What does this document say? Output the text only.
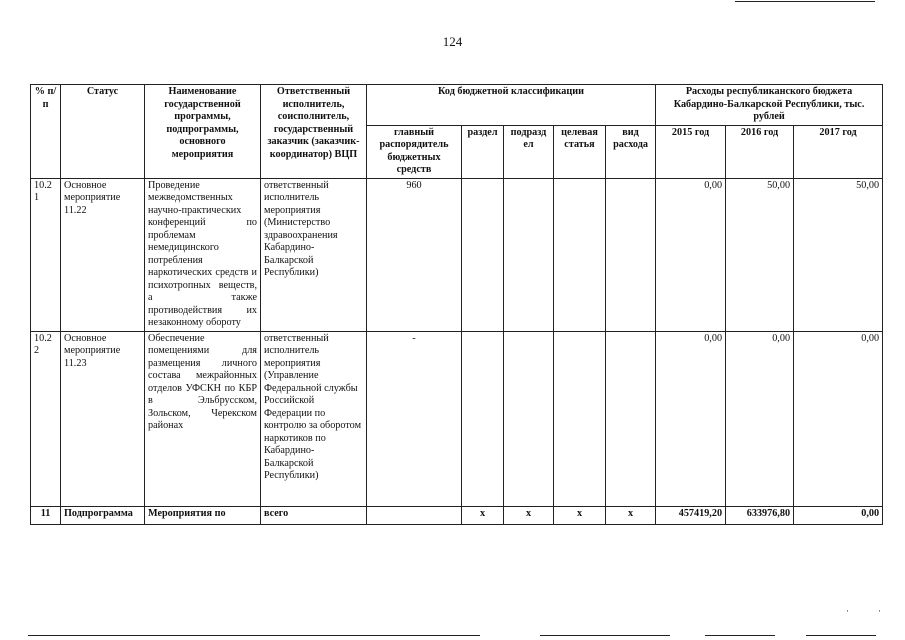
124
% п/п	Статус	Наименование государственной программы, подпрограммы, основного мероприятия	Ответственный исполнитель, соисполнитель, государственный заказчик (заказчик-координатор) ВЦП	Код бюджетной классификации					Расходы республиканского бюджета Кабардино-Балкарской Республики, тыс. рублей		
				главный распорядитель бюджетных средств	раздел	подразд ел	целевая статья	вид расхода	2015 год	2016 год	2017 год
10.2 1	Основное мероприятие 11.22	Проведение межведомственных научно-практических конференций по проблемам немедицинского потребления наркотических средств и психотропных веществ, а также противодействия их незаконному обороту	ответственный исполнитель мероприятия (Министерство здравоохранения Кабардино-Балкарской Республики)	960					0,00	50,00	50,00
10.2 2	Основное мероприятие 11.23	Обеспечение помещениями для размещения личного состава межрайонных отделов УФСКН по КБР в Эльбрусском, Зольском, Черекском районах	ответственный исполнитель мероприятия (Управление Федеральной службы Российской Федерации по контролю за оборотом наркотиков по Кабардино-Балкарской Республики)	-					0,00	0,00	0,00
11	Подпрограмма	Мероприятия по	всего		х	х	х	х	457419,20	633976,80	0,00
·	·
